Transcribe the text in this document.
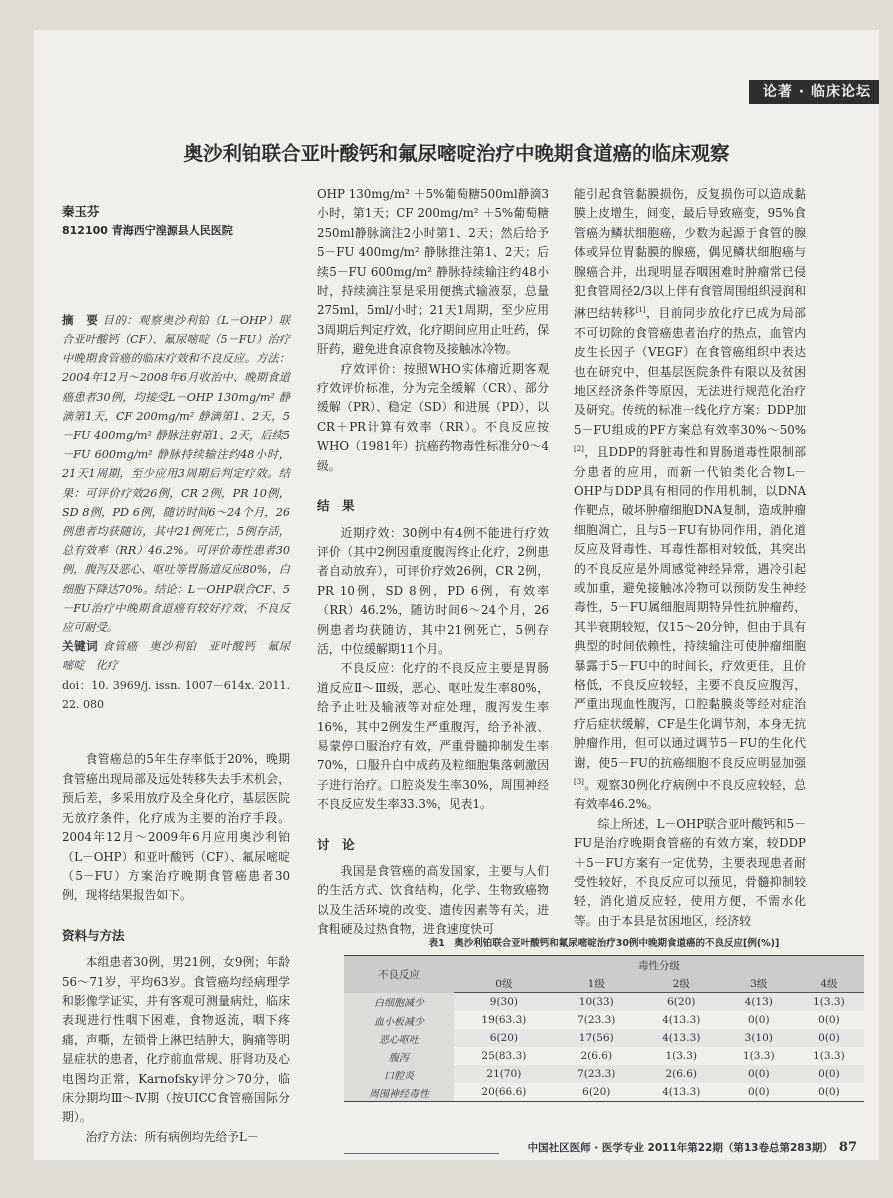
论著 · 临床论坛
奥沙利铂联合亚叶酸钙和氟尿嘧啶治疗中晚期食道癌的临床观察

秦玉芬

812100 青海西宁湟源县人民医院

摘　要 目的：观察奥沙利铂（L－OHP）联合亚叶酸钙（CF）、氟尿嘧啶（5－FU）治疗中晚期食管癌的临床疗效和不良反应。方法：2004年12月～2008年6月收治中、晚期食道癌患者30例，均接受L－OHP 130mg/m² 静滴第1天，CF 200mg/m² 静滴第1、2天，5－FU 400mg/m² 静脉注射第1、2天，后续5－FU 600mg/m² 静脉持续输注约48小时，21天1周期，至少应用3周期后判定疗效。结果：可评价疗效26例，CR 2例，PR 10例，SD 8例，PD 6例，随访时间6～24个月，26例患者均获随访，其中21例死亡，5例存活，总有效率（RR）46.2%。可评价毒性患者30例，腹泻及恶心、呕吐等胃肠道反应80%，白细胞下降达70%。结论：L－OHP联合CF、5－FU治疗中晚期食道癌有较好疗效，不良反应可耐受。

关键词 食管癌　奥沙利铂　亚叶酸钙　氟尿嘧啶　化疗

doi：10. 3969/j. issn. 1007－614x. 2011. 22. 080

食管癌总的5年生存率低于20%，晚期食管癌出现局部及远处转移失去手术机会，预后差，多采用放疗及全身化疗，基层医院无放疗条件，化疗成为主要的治疗手段。2004年12月～2009年6月应用奥沙利铂（L－OHP）和亚叶酸钙（CF）、氟尿嘧啶（5－FU）方案治疗晚期食管癌患者30例，现将结果报告如下。

资料与方法

本组患者30例，男21例，女9例；年龄56～71岁，平均63岁。食管癌均经病理学和影像学证实，并有客观可测量病灶，临床表现进行性咽下困难，食物返流，咽下疼痛，声嘶，左锁骨上淋巴结肿大，胸痛等明显症状的患者，化疗前血常规、肝肾功及心电图均正常，Karnofsky评分＞70分，临床分期均Ⅲ～Ⅳ期（按UICC食管癌国际分期）。

治疗方法：所有病例均先给予L－

OHP 130mg/m² ＋5%葡萄糖500ml静滴3小时，第1天；CF 200mg/m² ＋5%葡萄糖250ml静脉滴注2小时第1、2天；然后给予5－FU 400mg/m² 静脉推注第1、2天；后续5－FU 600mg/m² 静脉持续输注约48小时，持续滴注泵是采用便携式输液泵，总量275ml，5ml/小时；21天1周期，至少应用3周期后判定疗效，化疗期间应用止吐药，保肝药，避免进食凉食物及接触冰冷物。

疗效评价：按照WHO实体瘤近期客观疗效评价标准，分为完全缓解（CR）、部分缓解（PR）、稳定（SD）和进展（PD），以CR＋PR计算有效率（RR）。不良反应按WHO（1981年）抗癌药物毒性标准分0～4级。

结　果

近期疗效：30例中有4例不能进行疗效评价（其中2例因重度腹泻终止化疗，2例患者自动放弃），可评价疗效26例，CR 2例，PR 10例，SD 8例，PD 6例，有效率（RR）46.2%，随访时间6～24个月，26例患者均获随访，其中21例死亡，5例存活，中位缓解期11个月。

不良反应：化疗的不良反应主要是胃肠道反应Ⅱ～Ⅲ级，恶心、呕吐发生率80%，给予止吐及输液等对症处理，腹泻发生率16%，其中2例发生严重腹泻，给予补液、易蒙停口服治疗有效，严重骨髓抑制发生率70%，口服升白中成药及粒细胞集落刺激因子进行治疗。口腔炎发生率30%，周围神经不良反应发生率33.3%，见表1。

讨　论

我国是食管癌的高发国家，主要与人们的生活方式、饮食结构，化学、生物致癌物以及生活环境的改变、遗传因素等有关，进食粗硬及过热食物，进食速度快可

能引起食管黏膜损伤，反复损伤可以造成黏膜上皮增生，间变，最后导致癌变，95%食管癌为鳞状细胞癌，少数为起源于食管的腺体或异位胃黏膜的腺癌，偶见鳞状细胞癌与腺癌合并，出现明显吞咽困难时肿瘤常已侵犯食管周径2/3以上伴有食管周围组织浸润和淋巴结转移[1]，目前同步放化疗已成为局部不可切除的食管癌患者治疗的热点，血管内皮生长因子（VEGF）在食管癌组织中表达也在研究中，但基层医院条件有限以及贫困地区经济条件等原因，无法进行规范化治疗及研究。传统的标准一线化疗方案：DDP加5－FU组成的PF方案总有效率30%～50%[2]，且DDP的肾脏毒性和胃肠道毒性限制部分患者的应用，而新一代铂类化合物L－OHP与DDP具有相同的作用机制，以DNA作靶点，破坏肿瘤细胞DNA复制，造成肿瘤细胞凋亡，且与5－FU有协同作用，消化道反应及肾毒性、耳毒性都相对较低，其突出的不良反应是外周感觉神经异常，遇冷引起或加重，避免接触冰冷物可以预防发生神经毒性，5－FU属细胞周期特异性抗肿瘤药，其半衰期较短，仅15～20分钟，但由于具有典型的时间依赖性，持续输注可使肿瘤细胞暴露于5－FU中的时间长，疗效更佳，且价格低，不良反应较轻，主要不良反应腹泻，严重出现血性腹泻，口腔黏膜炎等经对症治疗后症状缓解，CF是生化调节剂，本身无抗肿瘤作用，但可以通过调节5－FU的生化代谢，使5－FU的抗癌细胞不良反应明显加强[3]。观察30例化疗病例中不良反应较轻，总有效率46.2%。

综上所述，L－OHP联合亚叶酸钙和5－FU是治疗晚期食管癌的有效方案，较DDP＋5－FU方案有一定优势，主要表现患者耐受性较好，不良反应可以预见，骨髓抑制较轻，消化道反应轻，使用方便，不需水化等。由于本县是贫困地区，经济较

表1　奥沙利铂联合亚叶酸钙和氟尿嘧啶治疗30例中晚期食道癌的不良反应[例(%)]
不良反应	毒性分级				
	0级	1级	2级	3级	4级
白细胞减少	9(30)	10(33)	6(20)	4(13)	1(3.3)
血小板减少	19(63.3)	7(23.3)	4(13.3)	0(0)	0(0)
恶心呕吐	6(20)	17(56)	4(13.3)	3(10)	0(0)
腹泻	25(83.3)	2(6.6)	1(3.3)	1(3.3)	1(3.3)
口腔炎	21(70)	7(23.3)	2(6.6)	0(0)	0(0)
周围神经毒性	20(66.6)	6(20)	4(13.3)	0(0)	0(0)
中国社区医师 · 医学专业 2011年第22期（第13卷总第283期） 87
